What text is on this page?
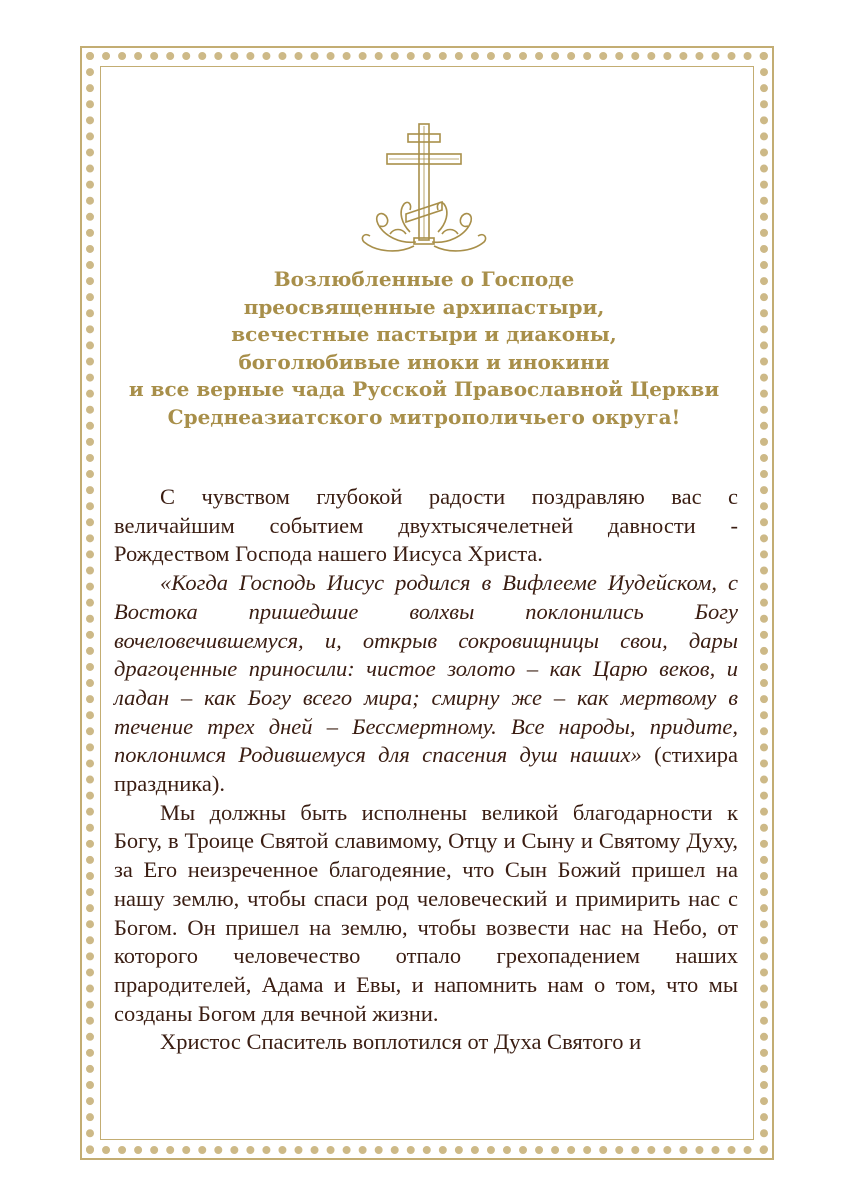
Возлюбленные о Господе
преосвященные архипастыри,
всечестные пастыри и диаконы,
боголюбивые иноки и инокини
и все верные чада Русской Православной Церкви
Среднеазиатского митрополичьего округа!

С чувством глубокой радости поздравляю вас с величайшим событием двухтысячелетней давности - Рождеством Господа нашего Иисуса Христа.

«Когда Господь Иисус родился в Вифлееме Иудейском, с Востока пришедшие волхвы поклонились Богу вочеловечившемуся, и, открыв сокровищницы свои, дары драгоценные приносили: чистое золото – как Царю веков, и ладан – как Богу всего мира; смирну же – как мертвому в течение трех дней – Бессмертному. Все народы, придите, поклонимся Родившемуся для спасения душ наших» (стихира праздника).

Мы должны быть исполнены великой благодарности к Богу, в Троице Святой славимому, Отцу и Сыну и Святому Духу, за Его неизреченное благодеяние, что Сын Божий пришел на нашу землю, чтобы спаси род человеческий и примирить нас с Богом. Он пришел на землю, чтобы возвести нас на Небо, от которого человечество отпало грехопадением наших прародителей, Адама и Евы, и напомнить нам о том, что мы созданы Богом для вечной жизни.

Христос Спаситель воплотился от Духа Святого и
